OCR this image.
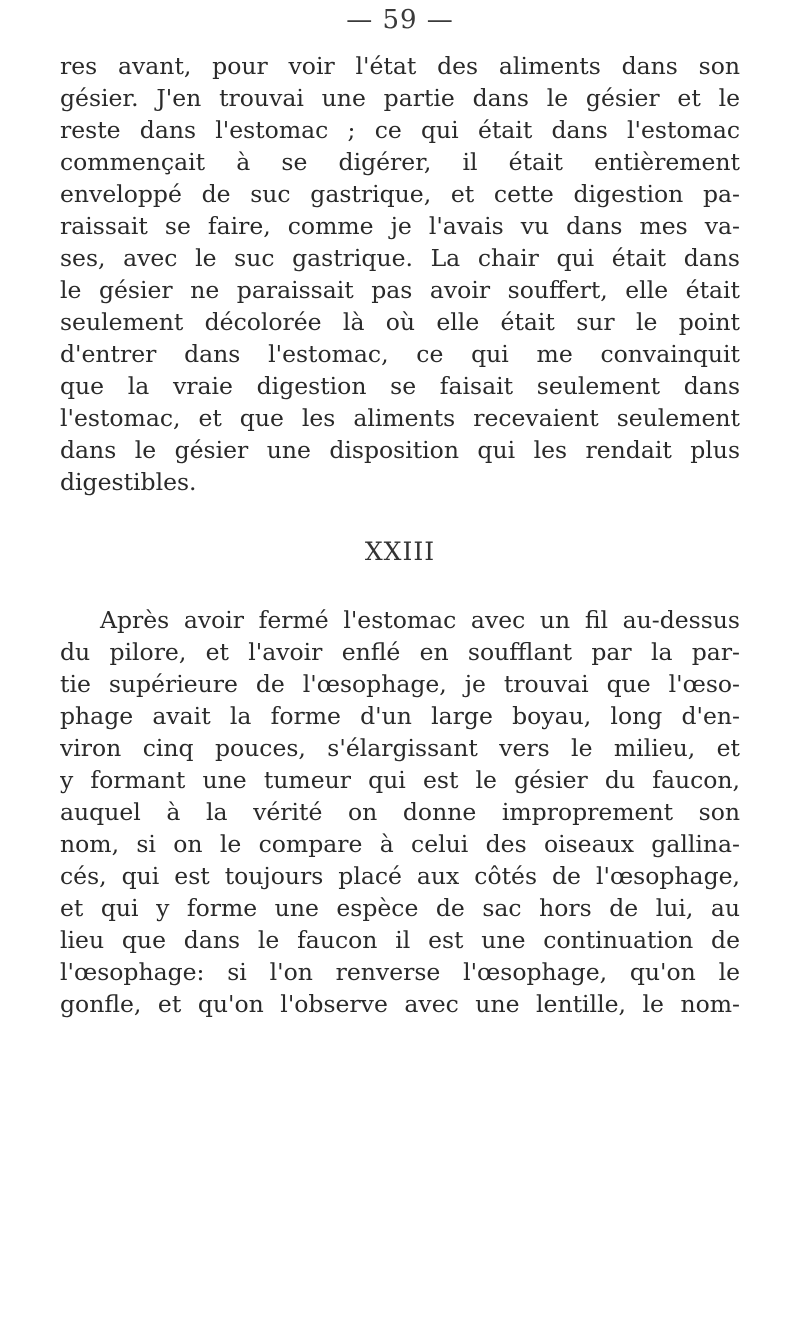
— 59 —
res avant, pour voir l'état des aliments dans son
gésier. J'en trouvai une partie dans le gésier et le
reste dans l'estomac ; ce qui était dans l'estomac
commençait à se digérer, il était entièrement
enveloppé de suc gastrique, et cette digestion pa-
raissait se faire, comme je l'avais vu dans mes va-
ses, avec le suc gastrique. La chair qui était dans
le gésier ne paraissait pas avoir souffert, elle était
seulement décolorée là où elle était sur le point
d'entrer dans l'estomac, ce qui me convainquit
que la vraie digestion se faisait seulement dans
l'estomac, et que les aliments recevaient seulement
dans le gésier une disposition qui les rendait plus
digestibles.
XXIII
Après avoir fermé l'estomac avec un fil au-dessus
du pilore, et l'avoir enflé en soufflant par la par-
tie supérieure de l'œsophage, je trouvai que l'œso-
phage avait la forme d'un large boyau, long d'en-
viron cinq pouces, s'élargissant vers le milieu, et
y formant une tumeur qui est le gésier du faucon,
auquel à la vérité on donne improprement son
nom, si on le compare à celui des oiseaux gallina-
cés, qui est toujours placé aux côtés de l'œsophage,
et qui y forme une espèce de sac hors de lui, au
lieu que dans le faucon il est une continuation de
l'œsophage: si l'on renverse l'œsophage, qu'on le
gonfle, et qu'on l'observe avec une lentille, le nom-
